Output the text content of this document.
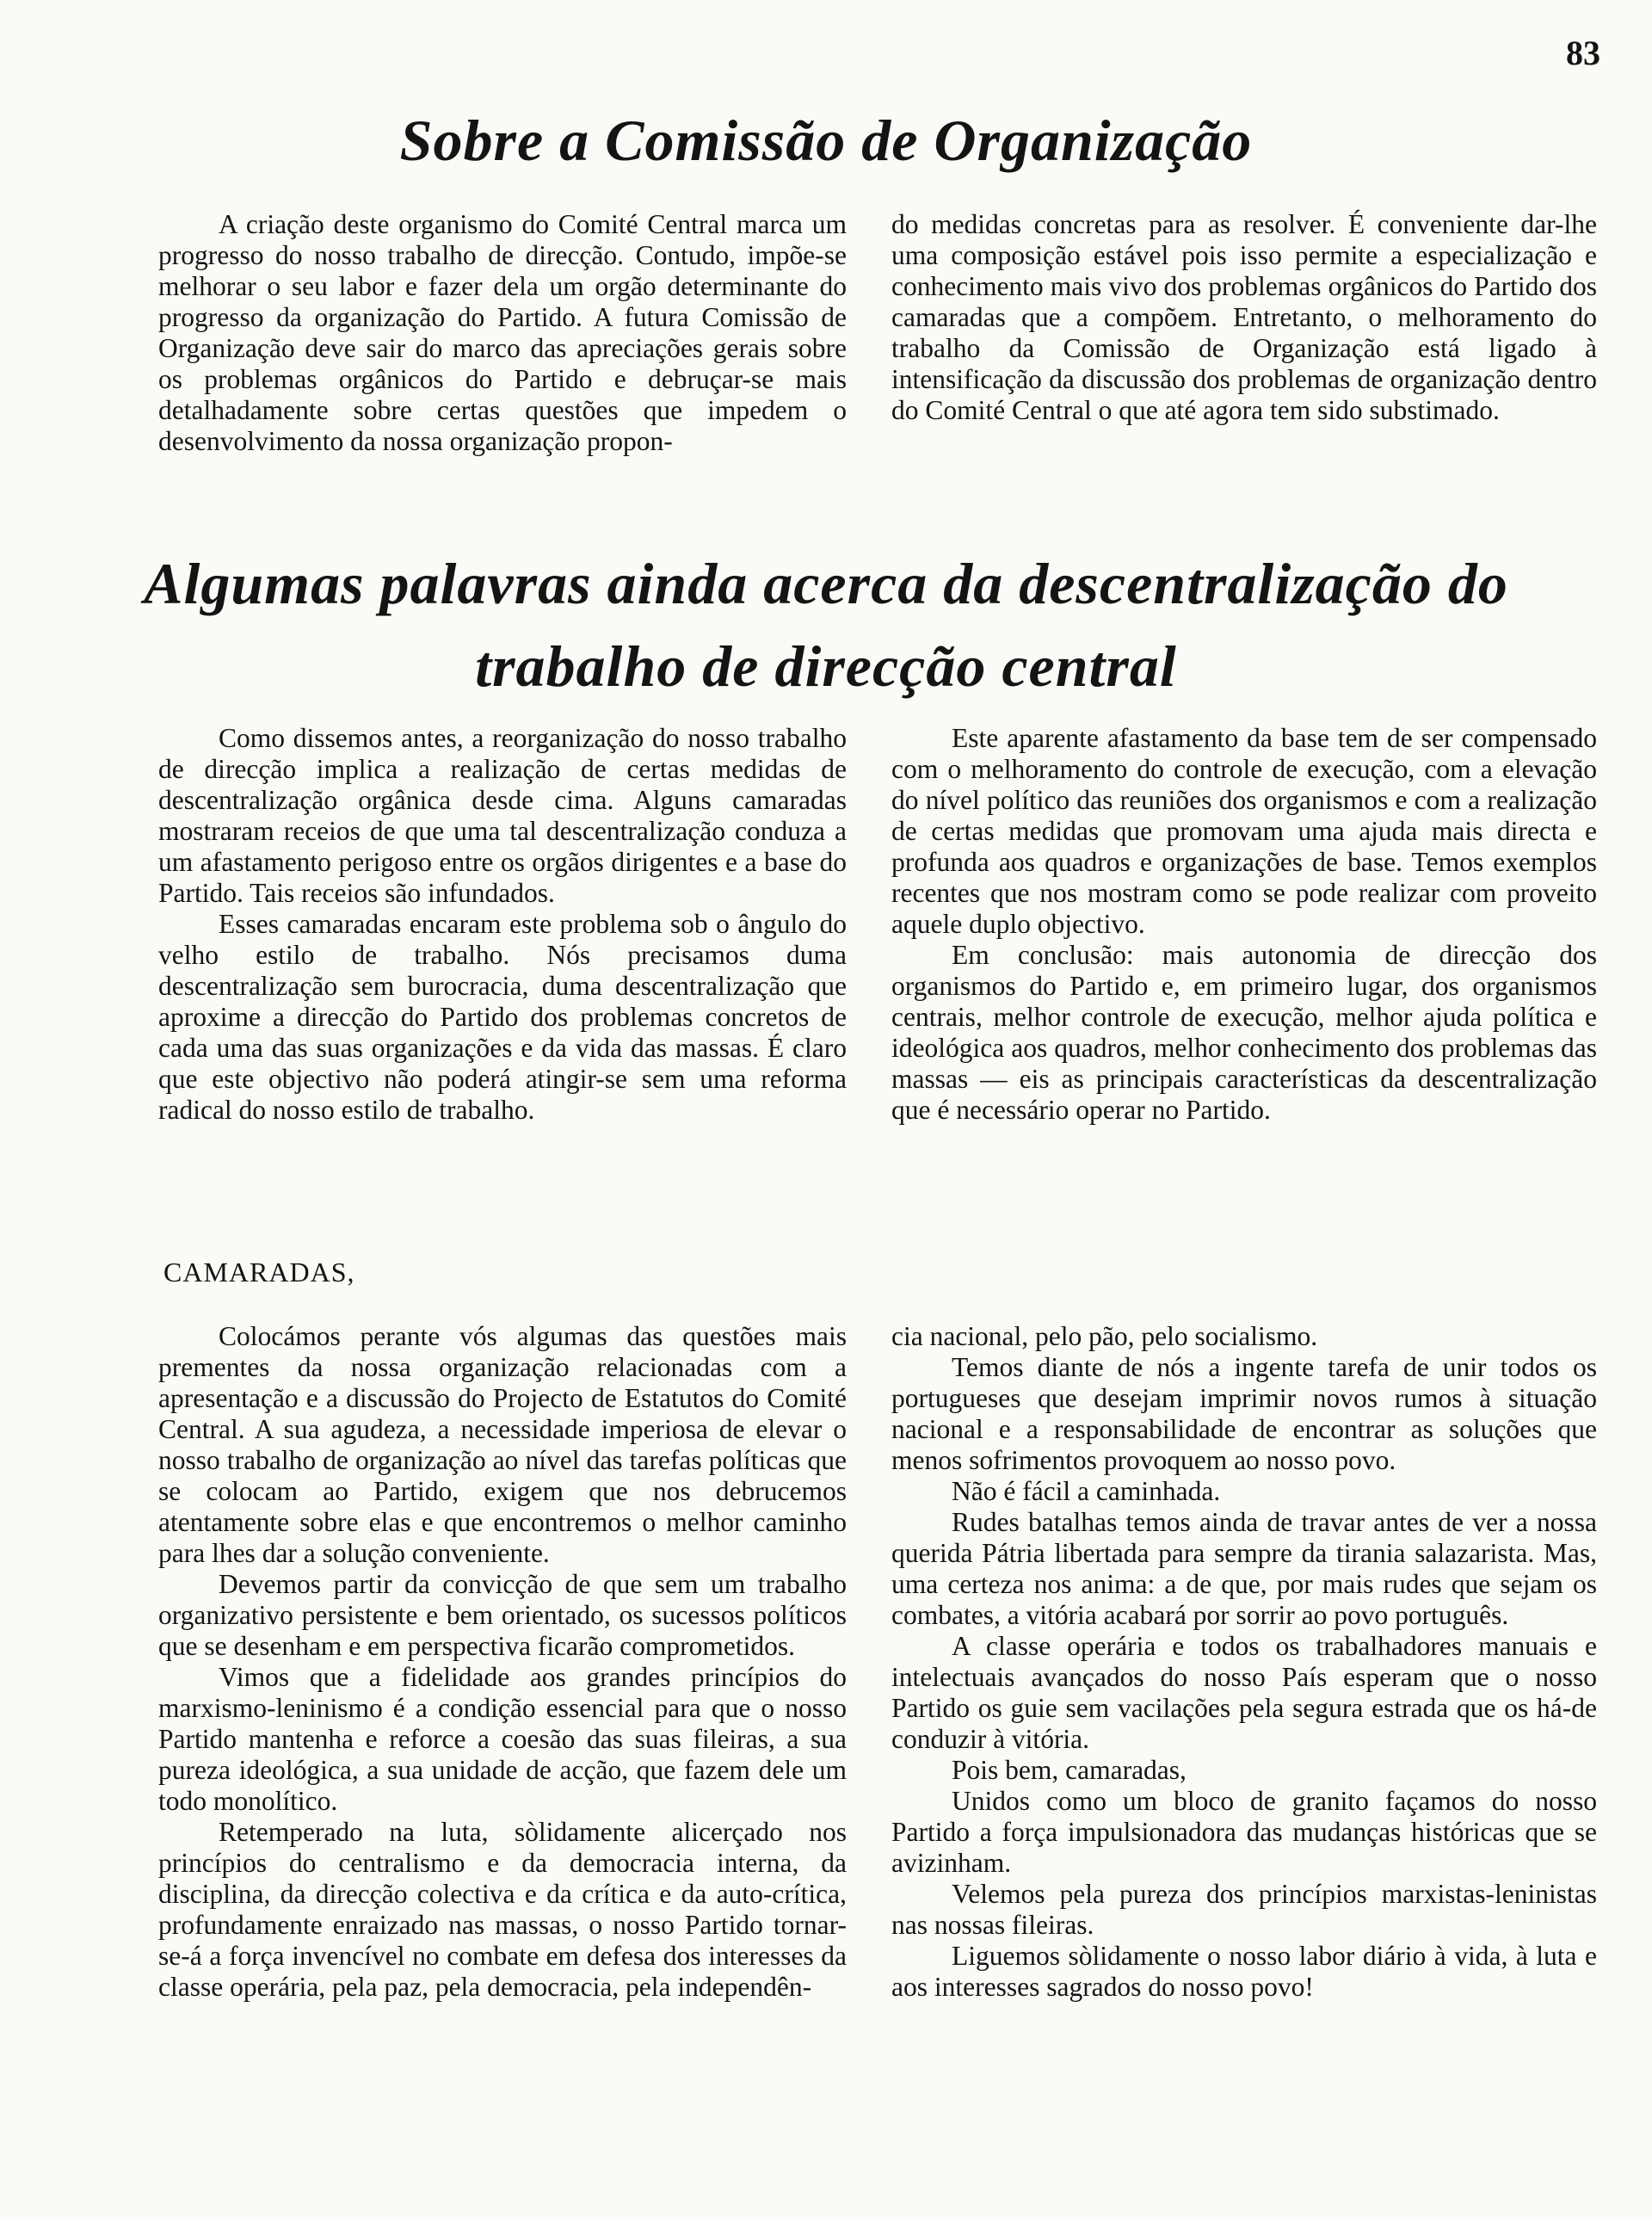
83
Sobre a Comissão de Organização

A criação deste organismo do Comité Central marca um progresso do nosso trabalho de direcção. Contudo, impõe-se melhorar o seu labor e fazer dela um orgão determinante do progresso da organização do Partido. A futura Comissão de Organização deve sair do marco das apreciações gerais sobre os problemas orgânicos do Partido e debruçar-se mais detalhadamente sobre certas questões que impedem o desenvolvimento da nossa organização propon-

do medidas concretas para as resolver. É conveniente dar-lhe uma composição estável pois isso permite a especialização e conhecimento mais vivo dos problemas orgânicos do Partido dos camaradas que a compõem. Entretanto, o melhoramento do trabalho da Comissão de Organização está ligado à intensificação da discussão dos problemas de organização dentro do Comité Central o que até agora tem sido substimado.

Algumas palavras ainda acerca da descentralização do
trabalho de direcção central

Como dissemos antes, a reorganização do nosso trabalho de direcção implica a realização de certas medidas de descentralização orgânica desde cima. Alguns camaradas mostraram receios de que uma tal descentralização conduza a um afastamento perigoso entre os orgãos dirigentes e a base do Partido. Tais receios são infundados.

Esses camaradas encaram este problema sob o ângulo do velho estilo de trabalho. Nós precisamos duma descentralização sem burocracia, duma descentralização que aproxime a direcção do Partido dos problemas concretos de cada uma das suas organizações e da vida das massas. É claro que este objectivo não poderá atingir-se sem uma reforma radical do nosso estilo de trabalho.

Este aparente afastamento da base tem de ser compensado com o melhoramento do controle de execução, com a elevação do nível político das reuniões dos organismos e com a realização de certas medidas que promovam uma ajuda mais directa e profunda aos quadros e organizações de base. Temos exemplos recentes que nos mostram como se pode realizar com proveito aquele duplo objectivo.

Em conclusão: mais autonomia de direcção dos organismos do Partido e, em primeiro lugar, dos organismos centrais, melhor controle de execução, melhor ajuda política e ideológica aos quadros, melhor conhecimento dos problemas das massas — eis as principais características da descentralização que é necessário operar no Partido.

CAMARADAS,

Colocámos perante vós algumas das questões mais prementes da nossa organização relacionadas com a apresentação e a discussão do Projecto de Estatutos do Comité Central. A sua agudeza, a necessidade imperiosa de elevar o nosso trabalho de organização ao nível das tarefas políticas que se colocam ao Partido, exigem que nos debrucemos atentamente sobre elas e que encontremos o melhor caminho para lhes dar a solução conveniente.

Devemos partir da convicção de que sem um trabalho organizativo persistente e bem orientado, os sucessos políticos que se desenham e em perspectiva ficarão comprometidos.

Vimos que a fidelidade aos grandes princípios do marxismo-leninismo é a condição essencial para que o nosso Partido mantenha e reforce a coesão das suas fileiras, a sua pureza ideológica, a sua unidade de acção, que fazem dele um todo monolítico.

Retemperado na luta, sòlidamente alicerçado nos princípios do centralismo e da democracia interna, da disciplina, da direcção colectiva e da crítica e da auto-crítica, profundamente enraizado nas massas, o nosso Partido tornar-se-á a força invencível no combate em defesa dos interesses da classe operária, pela paz, pela democracia, pela independên-

cia nacional, pelo pão, pelo socialismo.

Temos diante de nós a ingente tarefa de unir todos os portugueses que desejam imprimir novos rumos à situação nacional e a responsabilidade de encontrar as soluções que menos sofrimentos provoquem ao nosso povo.

Não é fácil a caminhada.

Rudes batalhas temos ainda de travar antes de ver a nossa querida Pátria libertada para sempre da tirania salazarista. Mas, uma certeza nos anima: a de que, por mais rudes que sejam os combates, a vitória acabará por sorrir ao povo português.

A classe operária e todos os trabalhadores manuais e intelectuais avançados do nosso País esperam que o nosso Partido os guie sem vacilações pela segura estrada que os há-de conduzir à vitória.

Pois bem, camaradas,

Unidos como um bloco de granito façamos do nosso Partido a força impulsionadora das mudanças históricas que se avizinham.

Velemos pela pureza dos princípios marxistas-leninistas nas nossas fileiras.

Liguemos sòlidamente o nosso labor diário à vida, à luta e aos interesses sagrados do nosso povo!
